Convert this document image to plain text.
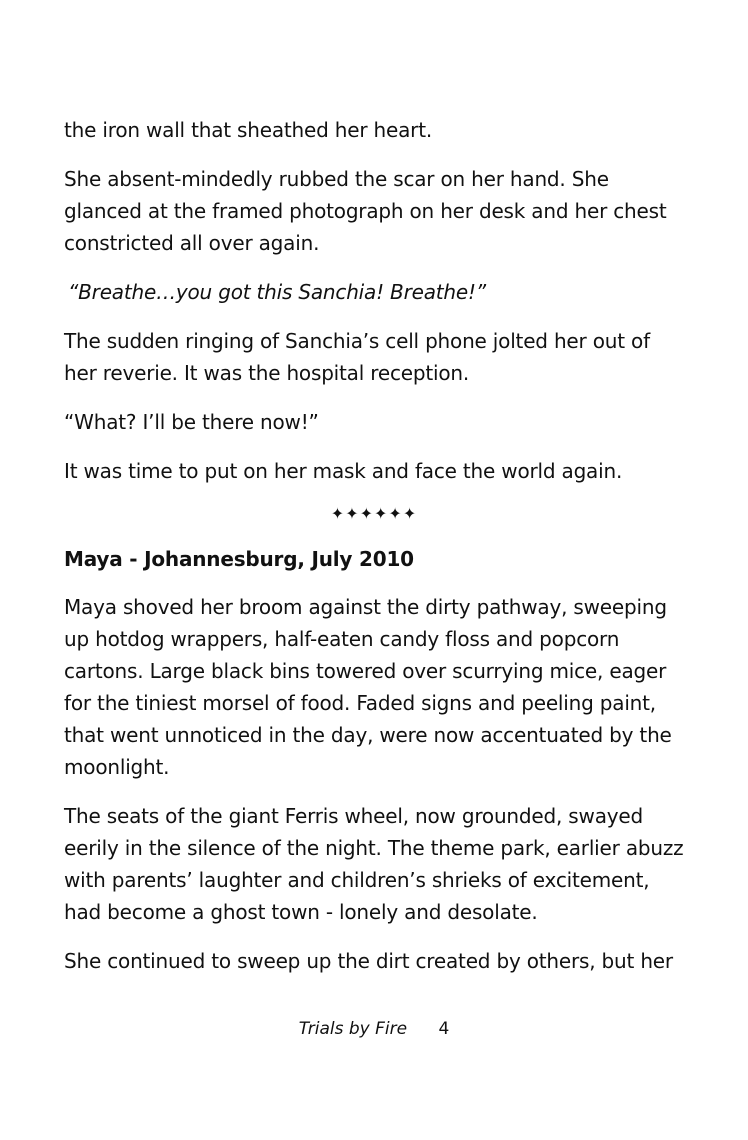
the iron wall that sheathed her heart.

She absent-mindedly rubbed the scar on her hand. She glanced at the framed photograph on her desk and her chest constricted all over again.

“Breathe…you got this Sanchia! Breathe!”

The sudden ringing of Sanchia’s cell phone jolted her out of her reverie. It was the hospital reception.

“What? I’ll be there now!”

It was time to put on her mask and face the world again.

✦✦✦✦✦✦
Maya - Johannesburg, July 2010

Maya shoved her broom against the dirty pathway, sweeping up hotdog wrappers, half-eaten candy floss and popcorn cartons. Large black bins towered over scurrying mice, eager for the tiniest morsel of food. Faded signs and peeling paint, that went unnoticed in the day, were now accentuated by the moonlight.

The seats of the giant Ferris wheel, now grounded, swayed eerily in the silence of the night. The theme park, earlier abuzz with parents’ laughter and children’s shrieks of excitement, had become a ghost town - lonely and desolate.

She continued to sweep up the dirt created by others, but her

Trials by Fire 4
